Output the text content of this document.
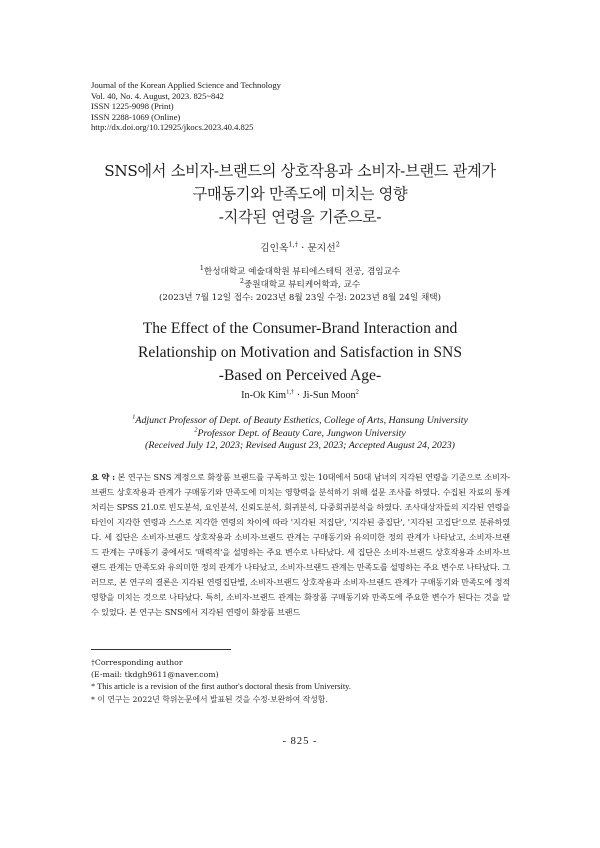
Journal of the Korean Applied Science and Technology
Vol. 40, No. 4. August, 2023. 825~842
ISSN 1225-9098 (Print)
ISSN 2288-1069 (Online)
http://dx.doi.org/10.12925/jkocs.2023.40.4.825
SNS에서 소비자-브랜드의 상호작용과 소비자-브랜드 관계가
구매동기와 만족도에 미치는 영향
-지각된 연령을 기준으로-
김인옥$^{1,\dagger}$ · 문지선$^2$
$^1$한성대학교 예술대학원 뷰티에스테틱 전공, 겸임교수
$^2$중원대학교 뷰티케어학과, 교수
(2023년 7월 12일 접수: 2023년 8월 23일 수정: 2023년 8월 24일 채택)
The Effect of the Consumer-Brand Interaction and
Relationship on Motivation and Satisfaction in SNS
-Based on Perceived Age-
In-Ok Kim$^{1,\dagger}$ · Ji-Sun Moon$^2$
$^1$Adjunct Professor of Dept. of Beauty Esthetics, College of Arts, Hansung University
$^2$Professor Dept. of Beauty Care, Jungwon University
(Received July 12, 2023; Revised August 23, 2023; Accepted August 24, 2023)
요 약 : 본 연구는 SNS 계정으로 화장품 브랜드를 구독하고 있는 10대에서 50대 남녀의 지각된 연령을 기준으로 소비자-브랜드 상호작용과 관계가 구매동기와 만족도에 미치는 영향력을 분석하기 위해 설문 조사를 하였다. 수집된 자료의 통계처리는 SPSS 21.0로 빈도분석, 요인분석, 신뢰도분석, 회귀분석, 다중회귀분석을 하였다. 조사대상자들의 지각된 연령을 타인이 지각한 연령과 스스로 지각한 연령의 차이에 따라 '지각된 저집단', '지각된 중집단', '지각된 고집단'으로 분류하였다. 세 집단은 소비자-브랜드 상호작용과 소비자-브랜드 관계는 구매동기와 유의미한 정의 관계가 나타났고, 소비자-브랜드 관계는 구매동기 중에서도 '매력적'을 설명하는 주요 변수로 나타났다. 세 집단은 소비자-브랜드 상호작용과 소비자-브랜드 관계는 만족도와 유의미한 정의 관계가 나타났고, 소비자-브랜드 관계는 만족도를 설명하는 주요 변수로 나타났다. 그러므로, 본 연구의 결론은 지각된 연령집단별, 소비자-브랜드 상호작용과 소비자-브랜드 관계가 구매동기와 만족도에 정적 영향을 미치는 것으로 나타났다. 특히, 소비자-브랜드 관계는 화장품 구매동기와 만족도에 주요한 변수가 된다는 것을 알 수 있었다. 본 연구는 SNS에서 지각된 연령이 화장품 브랜드
†Corresponding author
(E-mail: tkdgh9611@naver.com)
* This article is a revision of the first author's doctoral thesis from University.
* 이 연구는 2022년 학위논문에서 발표된 것을 수정·보완하여 작성함.
- 825 -
